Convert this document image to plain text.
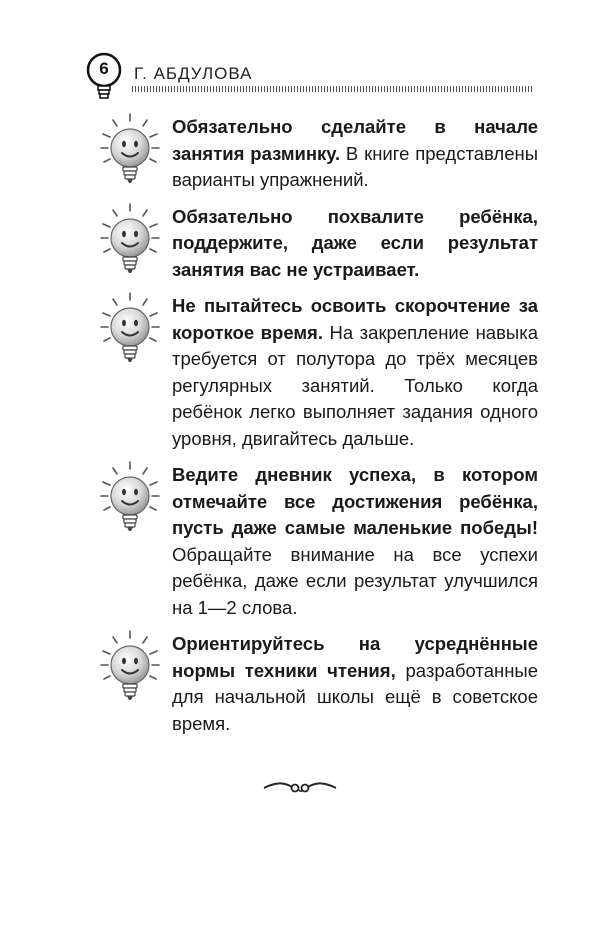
6	Г. АБДУЛОВА

Обязательно сделайте в начале занятия разминку. В книге представлены варианты упражнений.

Обязательно похвалите ребёнка, поддержите, даже если результат занятия вас не устраивает.

Не пытайтесь освоить скорочтение за короткое время. На закрепление навыка требуется от полутора до трёх месяцев регулярных занятий. Только когда ребёнок легко выполняет задания одного уровня, двигайтесь дальше.

Ведите дневник успеха, в котором отмечайте все достижения ребёнка, пусть даже самые маленькие победы! Обращайте внимание на все успехи ребёнка, даже если результат улучшился на 1—2 слова.

Ориентируйтесь на усреднённые нормы техники чтения, разработанные для начальной школы ещё в советское время.
